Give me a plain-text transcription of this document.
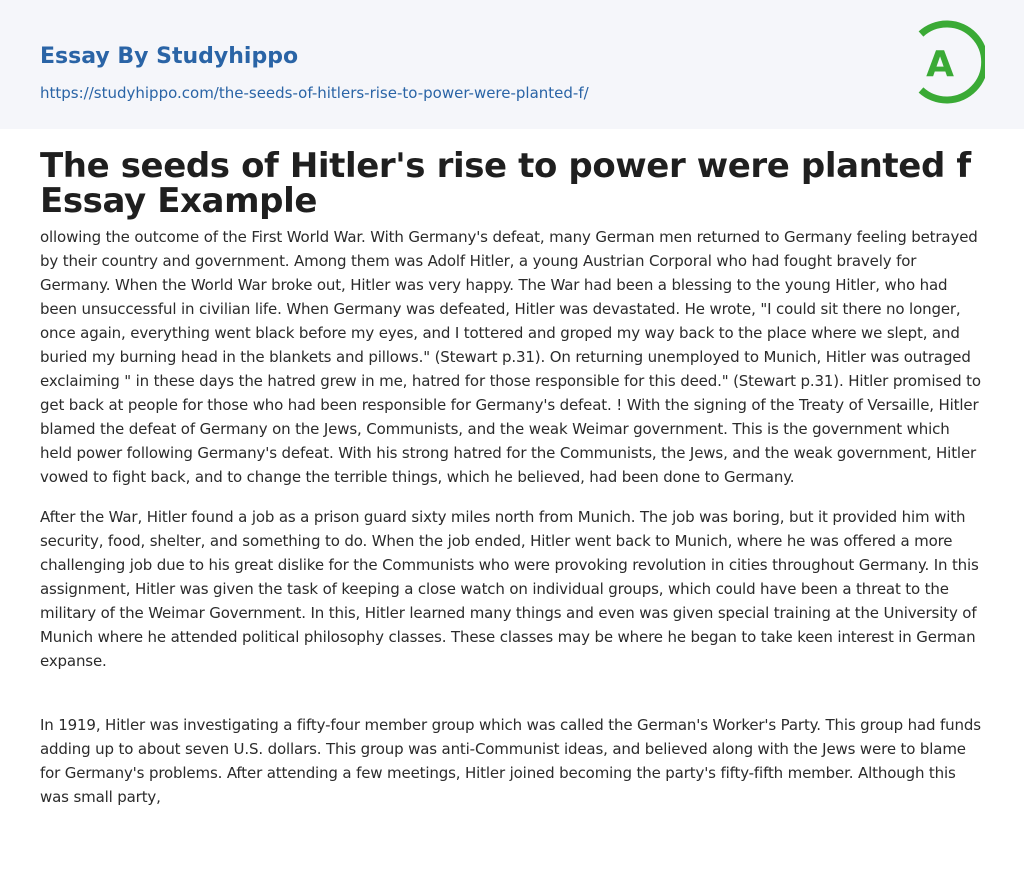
Essay By Studyhippo
https://studyhippo.com/the-seeds-of-hitlers-rise-to-power-were-planted-f/
A
The seeds of Hitler's rise to power were planted f Essay Example

ollowing the outcome of the First World War. With Germany's defeat, many German men returned to Germany feeling betrayed by their country and government. Among them was Adolf Hitler, a young Austrian Corporal who had fought bravely for Germany. When the World War broke out, Hitler was very happy. The War had been a blessing to the young Hitler, who had been unsuccessful in civilian life. When Germany was defeated, Hitler was devastated. He wrote, "I could sit there no longer, once again, everything went black before my eyes, and I tottered and groped my way back to the place where we slept, and buried my burning head in the blankets and pillows." (Stewart p.31). On returning unemployed to Munich, Hitler was outraged exclaiming " in these days the hatred grew in me, hatred for those responsible for this deed." (Stewart p.31). Hitler promised to get back at people for those who had been responsible for Germany's defeat. ! With the signing of the Treaty of Versaille, Hitler blamed the defeat of Germany on the Jews, Communists, and the weak Weimar government. This is the government which held power following Germany's defeat. With his strong hatred for the Communists, the Jews, and the weak government, Hitler vowed to fight back, and to change the terrible things, which he believed, had been done to Germany.

After the War, Hitler found a job as a prison guard sixty miles north from Munich. The job was boring, but it provided him with security, food, shelter, and something to do. When the job ended, Hitler went back to Munich, where he was offered a more challenging job due to his great dislike for the Communists who were provoking revolution in cities throughout Germany. In this assignment, Hitler was given the task of keeping a close watch on individual groups, which could have been a threat to the military of the Weimar Government. In this, Hitler learned many things and even was given special training at the University of Munich where he attended political philosophy classes. These classes may be where he began to take keen interest in German expanse.

In 1919, Hitler was investigating a fifty-four member group which was called the German's Worker's Party. This group had funds adding up to about seven U.S. dollars. This group was anti-Communist ideas, and believed along with the Jews were to blame for Germany's problems. After attending a few meetings, Hitler joined becoming the party's fifty-fifth member. Although this was small party,
